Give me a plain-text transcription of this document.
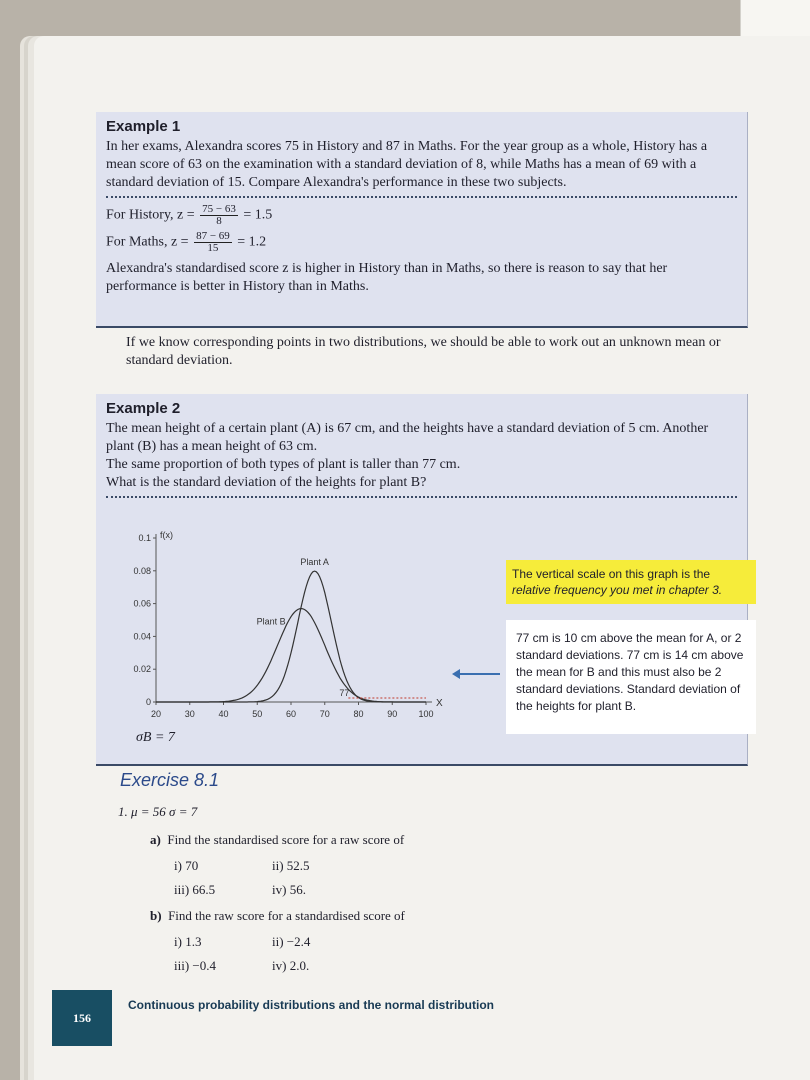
Example 1

In her exams, Alexandra scores 75 in History and 87 in Maths. For the year group as a whole, History has a mean score of 63 on the examination with a standard deviation of 8, while Maths has a mean of 69 with a standard deviation of 15. Compare Alexandra's performance in these two subjects.

For History, $z = \frac{75 - 63}{8} = 1.5$

For Maths, $z = \frac{87 - 69}{15} = 1.2$

Alexandra's standardised score z is higher in History than in Maths, so there is reason to say that her performance is better in History than in Maths.

If we know corresponding points in two distributions, we should be able to work out an unknown mean or standard deviation.

Example 2

The mean height of a certain plant (A) is 67 cm, and the heights have a standard deviation of 5 cm. Another plant (B) has a mean height of 63 cm.

The same proportion of both types of plant is taller than 77 cm.

What is the standard deviation of the heights for plant B?

f(x)
X
20	30	40	50	60	70	80	90 100
0
0.02
0.04
0.06
0.08
0.1
Plant A
Plant B
77
The vertical scale on this graph is the
relative frequency you met in chapter 3.
77 cm is 10 cm above the mean for A, or 2 standard deviations. 77 cm is 14 cm above the mean for B and this must also be 2 standard deviations. Standard deviation of the heights for plant B.
σB = 7
Exercise 8.1
1. μ = 56 σ = 7
a) Find the standardised score for a raw score of
i) 70	ii) 52.5
iii) 66.5	iv) 56.
b) Find the raw score for a standardised score of
i) 1.3	ii) −2.4
iii) −0.4	iv) 2.0.
156
Continuous probability distributions and the normal distribution
